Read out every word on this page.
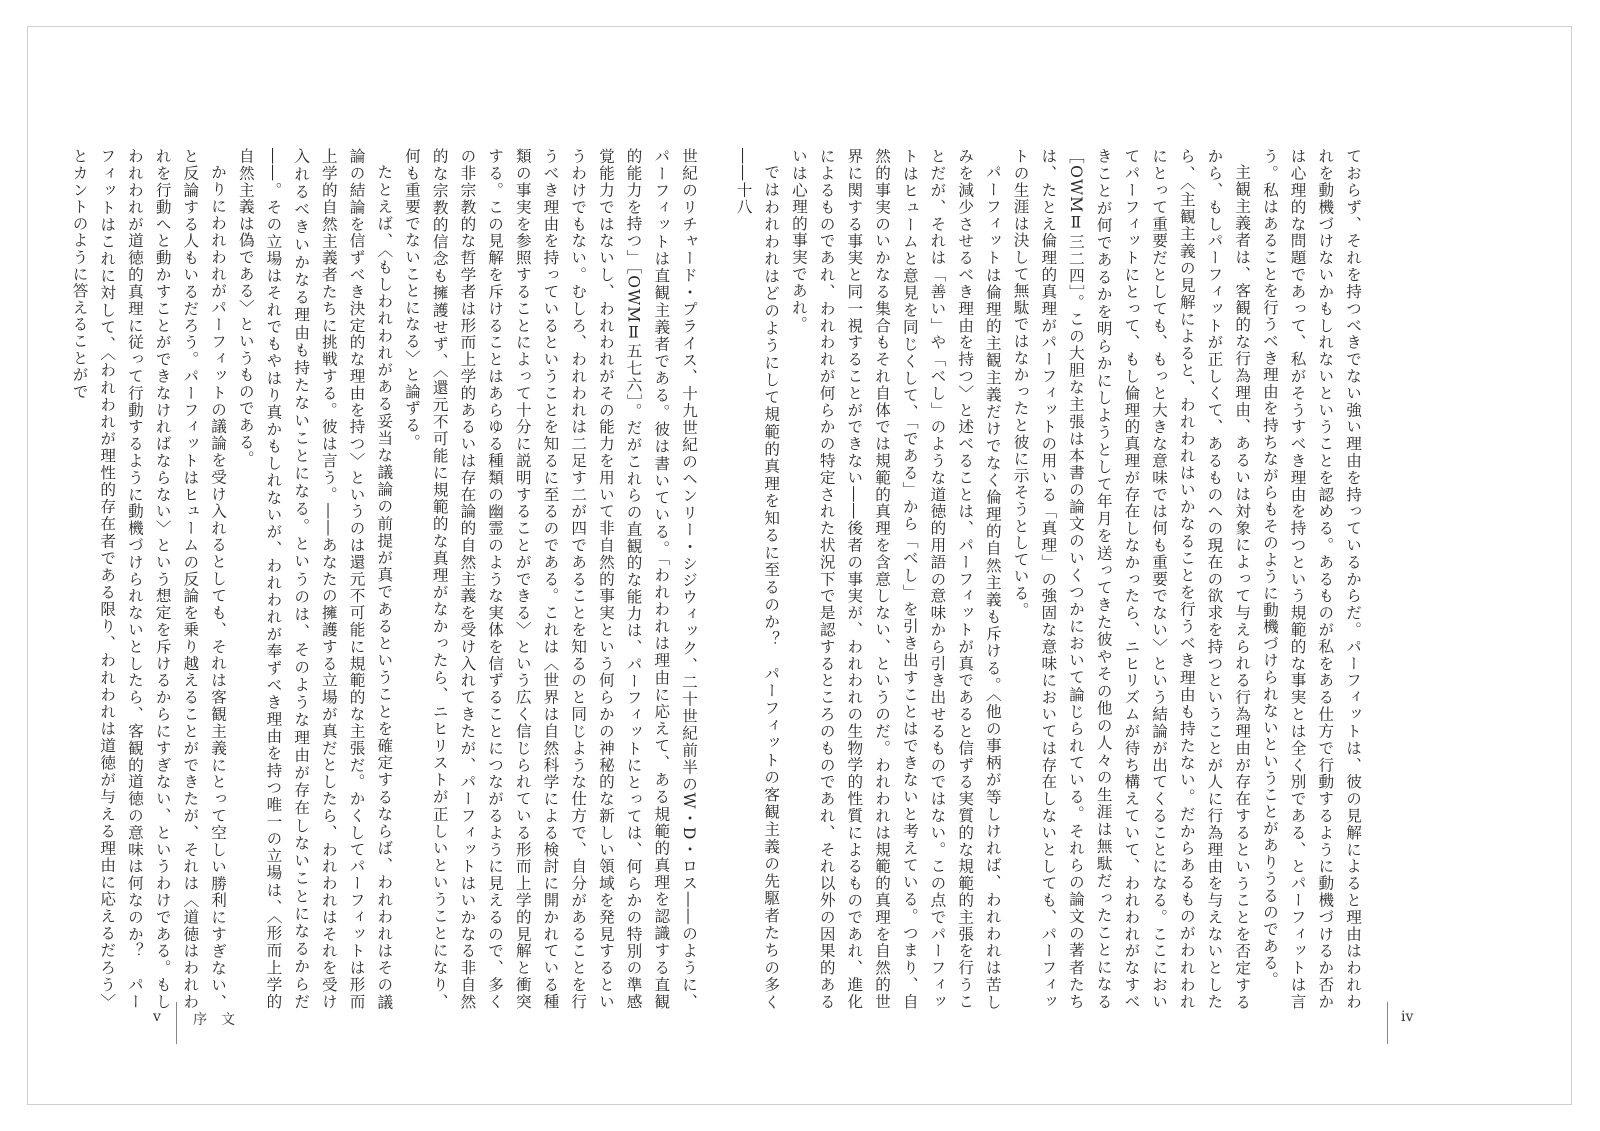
世紀のリチャード・プライス、十九世紀のヘンリー・シジウィック、二十世紀前半のW・D・ロス――のように、パーフィットは直観主義者である。彼は書いている。「われわれは理由に応えて、ある規範的真理を認識する直観的能力を持つ」［OWMⅡ五七六］。だがこれらの直観的な能力は、パーフィットにとっては、何らかの特別の準感覚能力ではないし、われわれがその能力を用いて非自然的事実という何らかの神秘的な新しい領域を発見するというわけでもない。むしろ、われわれは二足す二が四であることを知るのと同じような仕方で、自分があることを行うべき理由を持っているということを知るに至るのである。これは〈世界は自然科学による検討に開かれている種類の事実を参照することによって十分に説明することができる〉という広く信じられている形而上学的見解と衝突する。この見解を斥けることはあらゆる種類の幽霊のような実体を信ずることにつながるように見えるので、多くの非宗教的な哲学者は形而上学的あるいは存在論的自然主義を受け入れてきたが、パーフィットはいかなる非自然的な宗教的信念も擁護せず、〈還元不可能に規範的な真理がなかったら、ニヒリストが正しいということになり、何も重要でないことになる〉と論ずる。

たとえば、〈もしわれわれがある妥当な議論の前提が真であるということを確定するならば、われわれはその議論の結論を信ずべき決定的な理由を持つ〉というのは還元不可能に規範的な主張だ。かくしてパーフィットは形而上学的自然主義者たちに挑戦する。彼は言う。――あなたの擁護する立場が真だとしたら、われわれはそれを受け入れるべきいかなる理由も持たないことになる。というのは、そのような理由が存在しないことになるからだ――。その立場はそれでもやはり真かもしれないが、われわれが奉ずべき理由を持つ唯一の立場は、〈形而上学的自然主義は偽である〉というものである。

かりにわれわれがパーフィットの議論を受け入れるとしても、それは客観主義にとって空しい勝利にすぎない、と反論する人もいるだろう。パーフィットはヒュームの反論を乗り越えることができたが、それは〈道徳はわれわれを行動へと動かすことができなければならない〉という想定を斥けるからにすぎない、というわけである。もしわれわれが道徳的真理に従って行動するように動機づけられないとしたら、客観的道徳の意味は何なのか？　パーフィットはこれに対して、〈われわれが理性的存在者である限り、われわれは道徳が与える理由に応えるだろう〉とカントのように答えることがで	ておらず、それを持つべきでない強い理由を持っているからだ。パーフィットは、彼の見解によると理由はわれわれを動機づけないかもしれないということを認める。あるものが私をある仕方で行動するように動機づけるか否かは心理的な問題であって、私がそうすべき理由を持つという規範的な事実とは全く別である、とパーフィットは言う。私はあることを行うべき理由を持ちながらもそのように動機づけられないということがありうるのである。

主観主義者は、客観的な行為理由、あるいは対象によって与えられる行為理由が存在するということを否定するから、もしパーフィットが正しくて、あるものへの現在の欲求を持つということが人に行為理由を与えないとしたら、〈主観主義の見解によると、われわれはいかなることを行うべき理由も持たない。だからあるものがわれわれにとって重要だとしても、もっと大きな意味では何も重要でない〉という結論が出てくることになる。ここにおいてパーフィットにとって、もし倫理的真理が存在しなかったら、ニヒリズムが待ち構えていて、われわれがなすべきことが何であるかを明らかにしようとして年月を送ってきた彼やその他の人々の生涯は無駄だったことになる［OWMⅡ三二四］。この大胆な主張は本書の論文のいくつかにおいて論じられている。それらの論文の著者たちは、たとえ倫理的真理がパーフィットの用いる「真理」の強固な意味においては存在しないとしても、パーフィットの生涯は決して無駄ではなかったと彼に示そうとしている。

パーフィットは倫理的主観主義だけでなく倫理的自然主義も斥ける。〈他の事柄が等しければ、われわれは苦しみを減少させるべき理由を持つ〉と述べることは、パーフィットが真であると信ずる実質的な規範的主張を行うことだが、それは「善い」や「べし」のような道徳的用語の意味から引き出せるものではない。この点でパーフィットはヒュームと意見を同じくして、「である」から「べし」を引き出すことはできないと考えている。つまり、自然的事実のいかなる集合もそれ自体では規範的真理を含意しない、というのだ。われわれは規範的真理を自然的世界に関する事実と同一視することができない――後者の事実が、われわれの生物学的性質によるものであれ、進化によるものであれ、われわれが何らかの特定された状況下で是認するところのものであれ、それ以外の因果的あるいは心理的事実であれ。

ではわれわれはどのようにして規範的真理を知るに至るのか？　パーフィットの客観主義の先駆者たちの多く――十八

v 序文	iv
